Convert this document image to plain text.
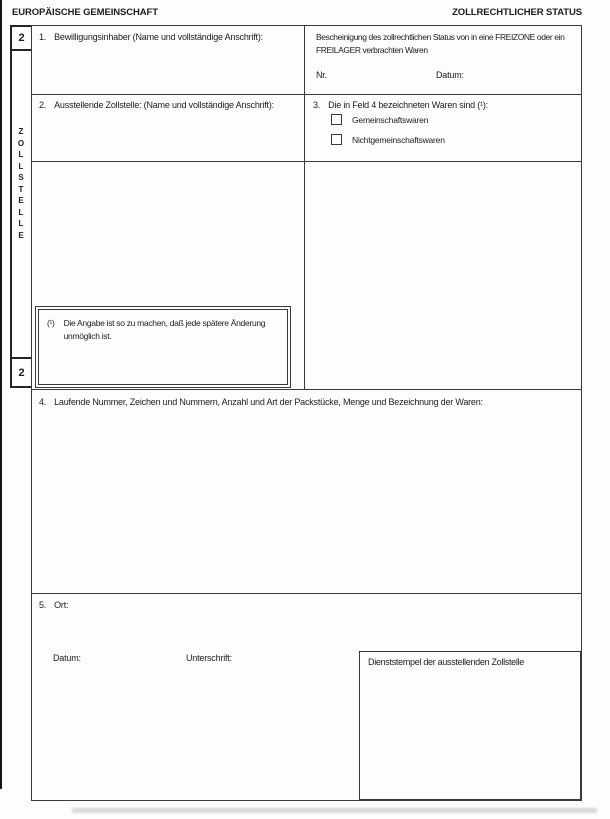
EUROPÄISCHE GEMEINSCHAFT	ZOLLRECHTLICHER STATUS
Z
O
L
L
S
T
E
L
L
E
2
2
1. Bewilligungsinhaber (Name und vollständige Anschrift):	Bescheinigung des zollrechtlichen Status von in eine FREIZONE oder ein FREILAGER verbrachten Waren
Nr.	Datum:
2. Ausstellende Zollstelle: (Name und vollständige Anschrift):	3. Die in Feld 4 bezeichneten Waren sind (¹):
Gemeinschaftswaren
Nichtgemeinschaftswaren
(¹) Die Angabe ist so zu machen, daß jede spätere Änderung unmöglich ist.
4. Laufende Nummer, Zeichen und Nummern, Anzahl und Art der Packstücke, Menge und Bezeichnung der Waren:
5. Ort:
Datum:	Unterschrift:	Dienststempel der ausstellenden Zollstelle
